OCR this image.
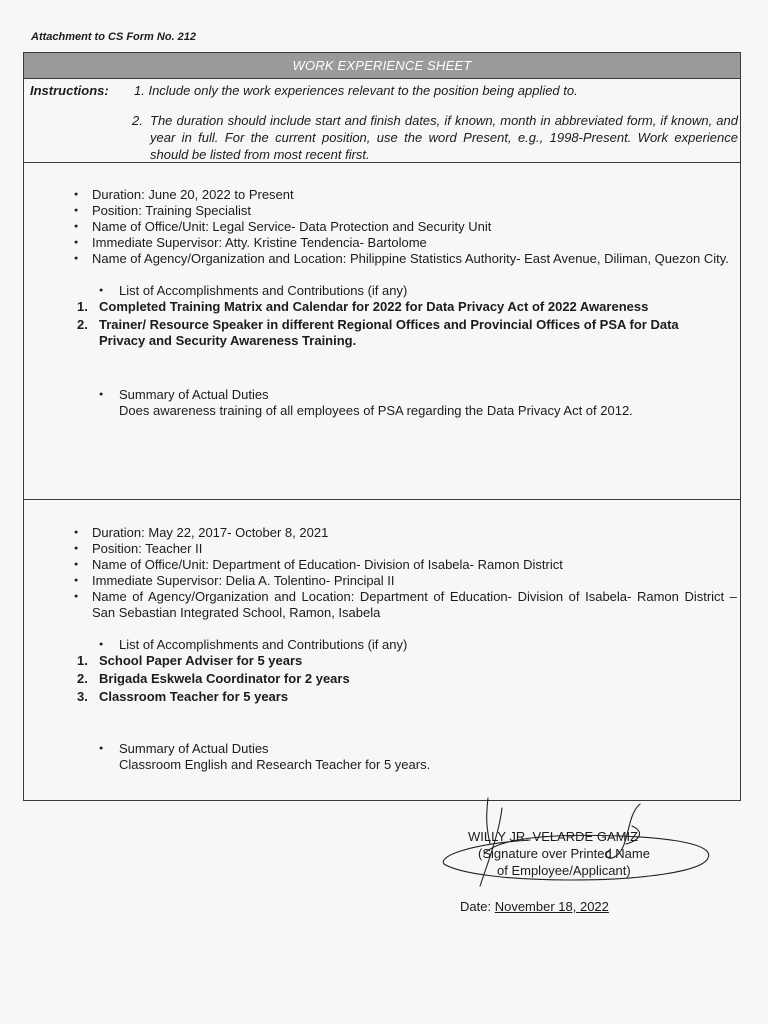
Attachment to CS Form No. 212
WORK EXPERIENCE SHEET
Instructions: 1. Include only the work experiences relevant to the position being applied to.
2. The duration should include start and finish dates, if known, month in abbreviated form, if known, and year in full. For the current position, use the word Present, e.g., 1998-Present. Work experience should be listed from most recent first.

● Duration: June 20, 2022 to Present

● Position: Training Specialist

● Name of Office/Unit: Legal Service- Data Protection and Security Unit

● Immediate Supervisor: Atty. Kristine Tendencia- Bartolome

● Name of Agency/Organization and Location: Philippine Statistics Authority- East Avenue, Diliman, Quezon City.

● List of Accomplishments and Contributions (if any)
1. Completed Training Matrix and Calendar for 2022 for Data Privacy Act of 2022 Awareness
2. Trainer/ Resource Speaker in different Regional Offices and Provincial Offices of PSA for Data Privacy and Security Awareness Training.
● Summary of Actual Duties
Does awareness training of all employees of PSA regarding the Data Privacy Act of 2012.

● Duration: May 22, 2017- October 8, 2021

● Position: Teacher II

● Name of Office/Unit: Department of Education- Division of Isabela- Ramon District

● Immediate Supervisor: Delia A. Tolentino- Principal II

● Name of Agency/Organization and Location: Department of Education- Division of Isabela- Ramon District – San Sebastian Integrated School, Ramon, Isabela

● List of Accomplishments and Contributions (if any)
1. School Paper Adviser for 5 years
2. Brigada Eskwela Coordinator for 2 years
3. Classroom Teacher for 5 years
● Summary of Actual Duties
Classroom English and Research Teacher for 5 years.
WILLY JR. VELARDE GAMIZ
(Signature over Printed Name
of Employee/Applicant)
Date: November 18, 2022
